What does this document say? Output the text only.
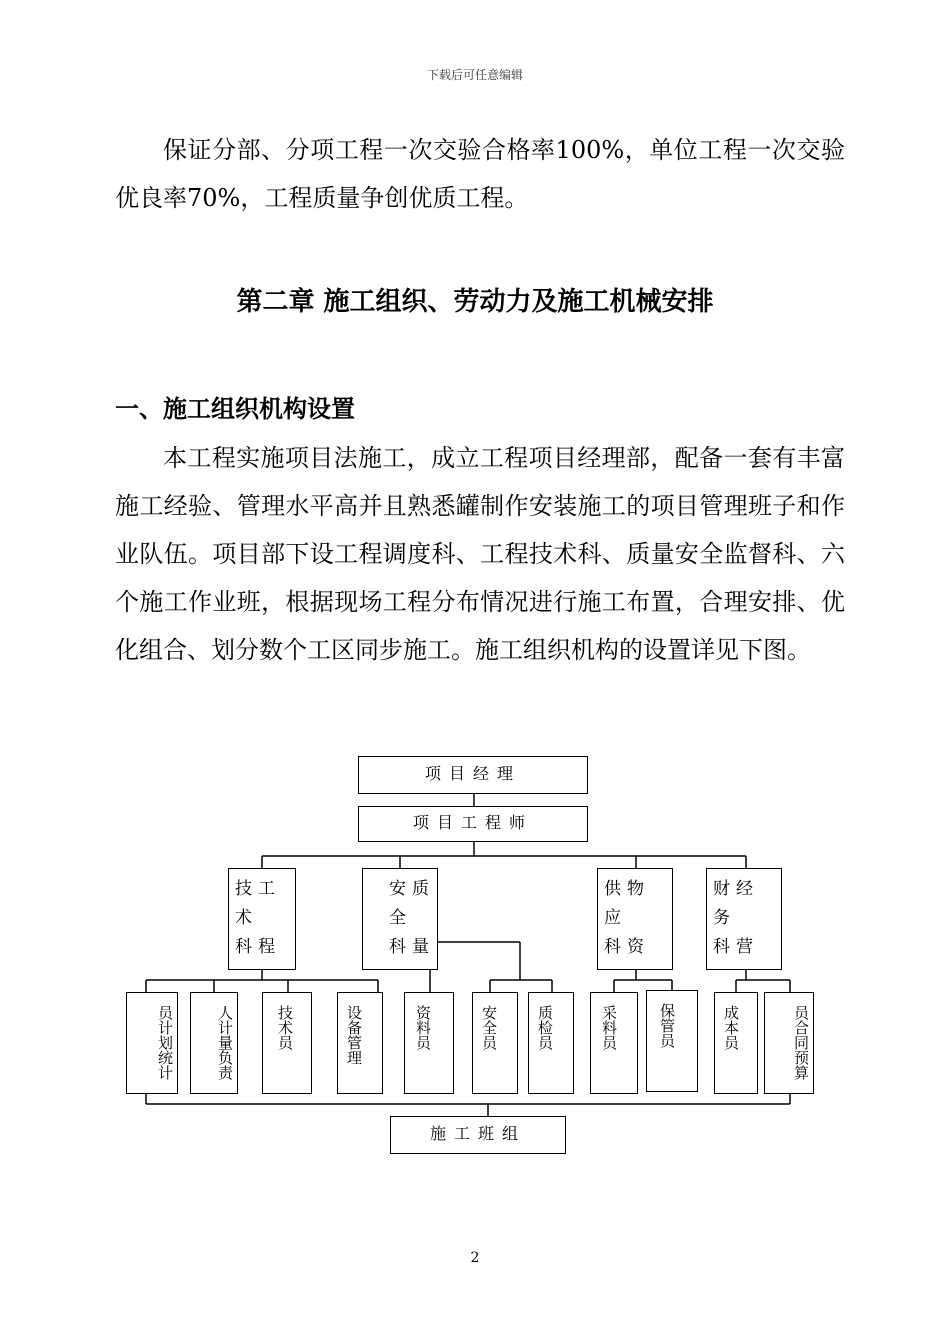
下载后可任意编辑

保证分部、分项工程一次交验合格率100%，单位工程一次交验优良率70%，工程质量争创优质工程。

第二章 施工组织、劳动力及施工机械安排
一、施工组织机构设置

本工程实施项目法施工，成立工程项目经理部，配备一套有丰富施工经验、管理水平高并且熟悉罐制作安装施工的项目管理班子和作业队伍。项目部下设工程调度科、工程技术科、质量安全监督科、六个施工作业班，根据现场工程分布情况进行施工布置，合理安排、优化组合、划分数个工区同步施工。施工组织机构的设置详见下图。

项目经理
项目工程师
技工
术
科程
安质
全
科量
供物
应
科资
财经
务
科营
员计划统计
人计量负责	技术员	设备管理	资料员	安全员	质检员	采料员	保管员	成本员	员合同预算
施工班组
2
